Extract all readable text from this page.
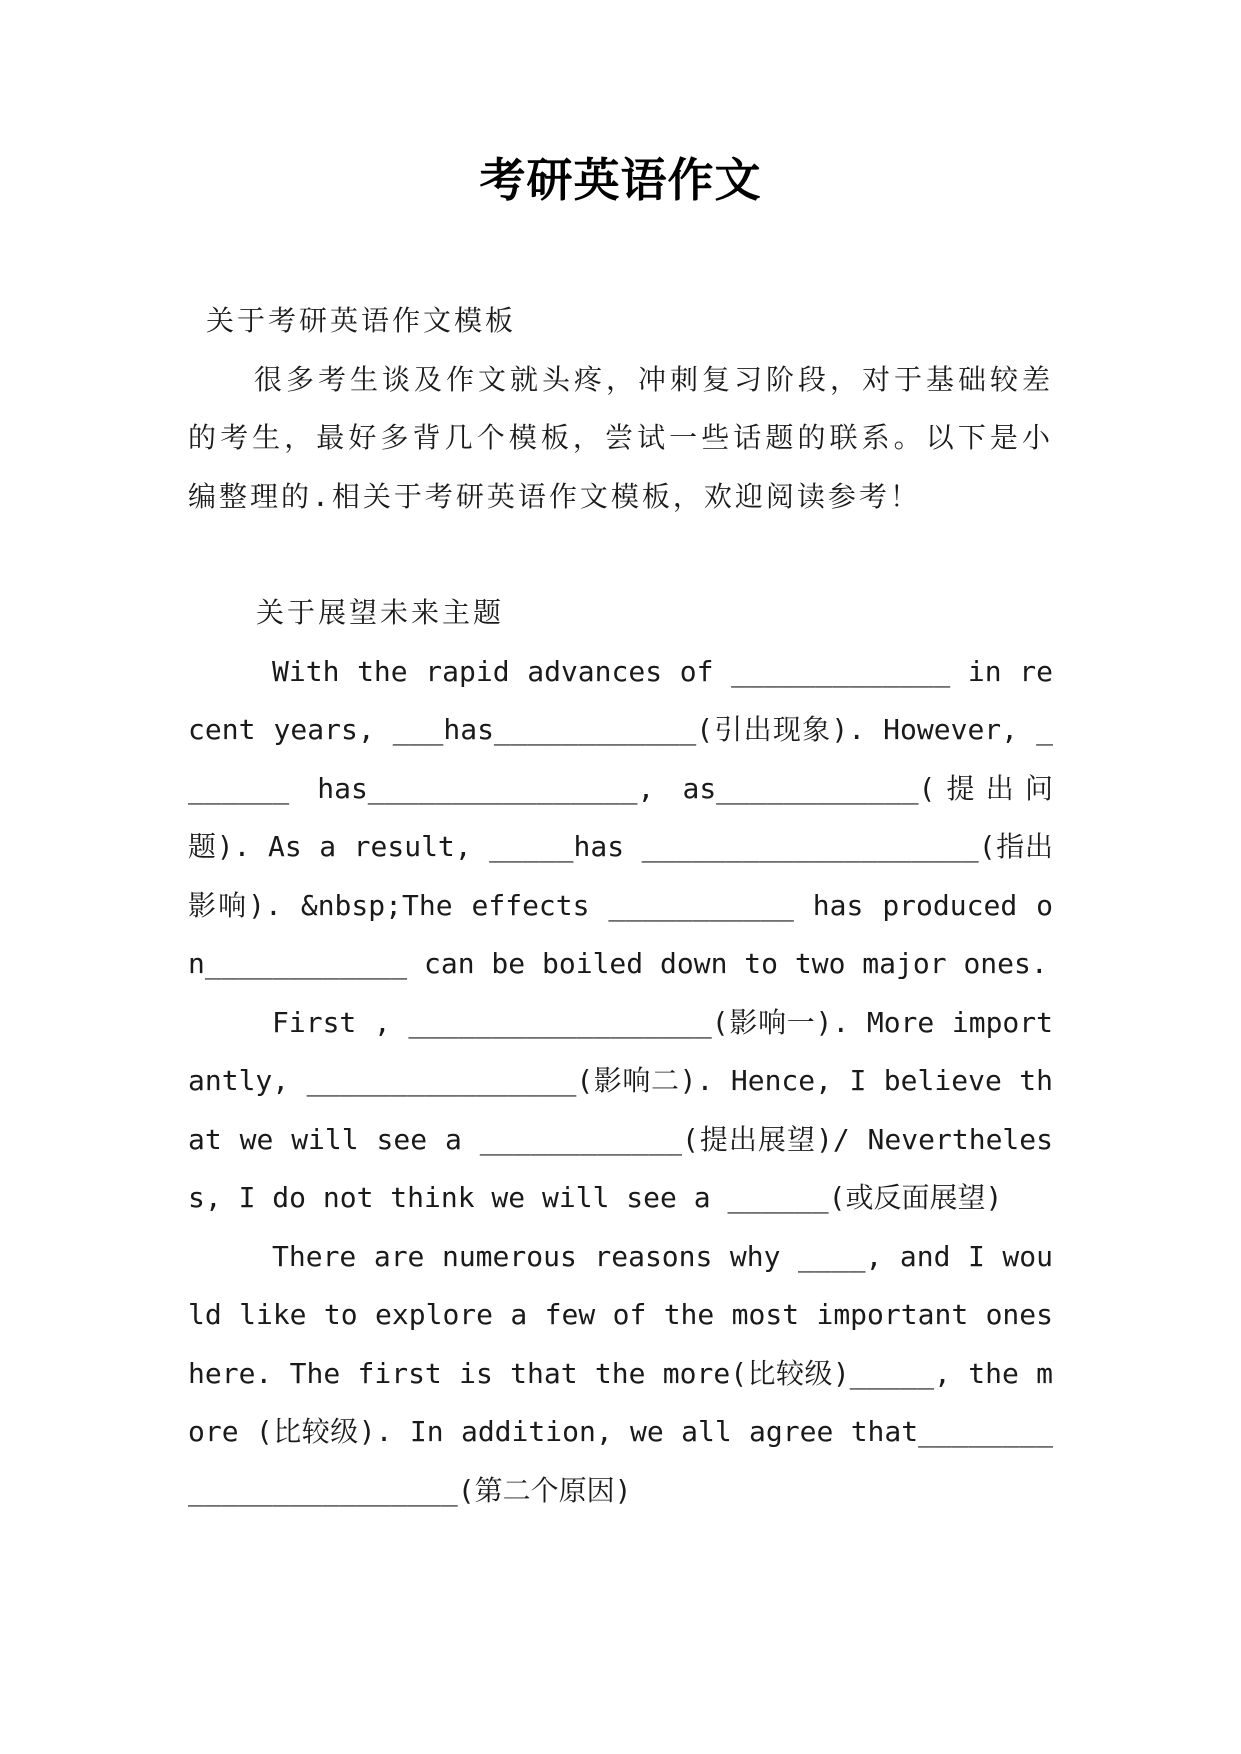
考研英语作文

关于考研英语作文模板

很多考生谈及作文就头疼，冲刺复习阶段，对于基础较差的考生，最好多背几个模板，尝试一些话题的联系。以下是小编整理的.相关于考研英语作文模板，欢迎阅读参考！

关于展望未来主题

With the rapid advances of _____________ in recent years, ___has____________(引出现象). However, _______ has________________, as____________(提出问题). As a result, _____has ____________________(指出影响). &nbsp;The effects ___________ has produced on____________ can be boiled down to two major ones.

First , __________________(影响一). More importantly, ________________(影响二). Hence, I believe that we will see a ____________(提出展望)/ Nevertheless, I do not think we will see a ______(或反面展望)

There are numerous reasons why ____, and I would like to explore a few of the most important ones here. The first is that the more(比较级)_____, the more (比较级). In addition, we all agree that________________________(第二个原因)
